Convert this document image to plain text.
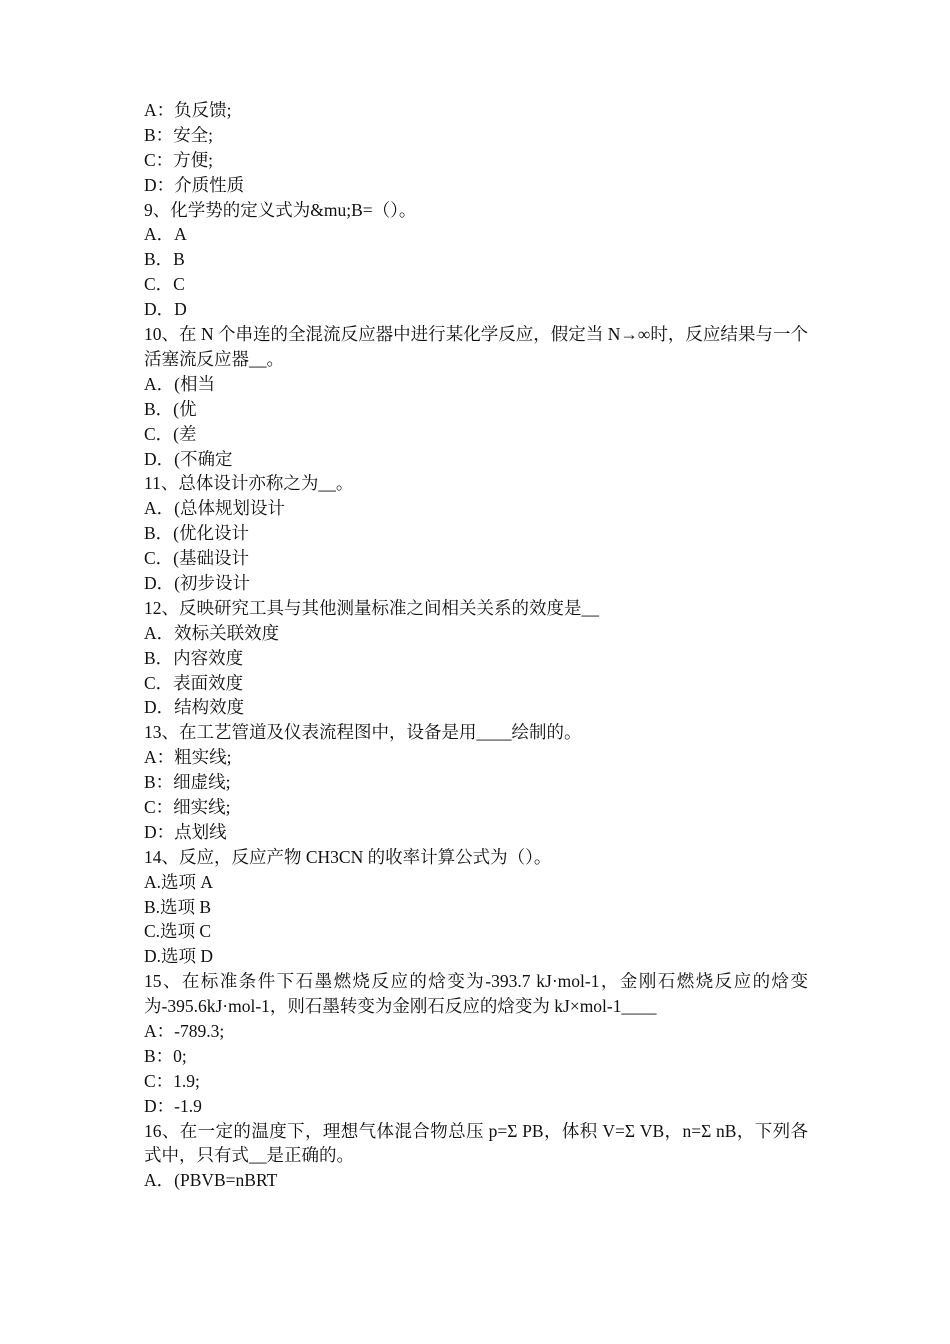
A：负反馈;
B：安全;
C：方便;
D：介质性质
9、化学势的定义式为&mu;B=（）。
A．A
B．B
C．C
D．D
10、在 N 个串连的全混流反应器中进行某化学反应，假定当 N→∞时，反应结果与一个活塞流反应器__。
A．(相当
B．(优
C．(差
D．(不确定
11、总体设计亦称之为__。
A．(总体规划设计
B．(优化设计
C．(基础设计
D．(初步设计
12、反映研究工具与其他测量标准之间相关关系的效度是__
A．效标关联效度
B．内容效度
C．表面效度
D．结构效度
13、在工艺管道及仪表流程图中，设备是用____绘制的。
A：粗实线;
B：细虚线;
C：细实线;
D：点划线
14、反应，反应产物 CH3CN 的收率计算公式为（）。
A.选项 A
B.选项 B
C.选项 C
D.选项 D
15、在标准条件下石墨燃烧反应的焓变为-393.7 kJ·mol-1，金刚石燃烧反应的焓变为-395.6kJ·mol-1，则石墨转变为金刚石反应的焓变为 kJ×mol-1____
A：-789.3;
B：0;
C：1.9;
D：-1.9
16、在一定的温度下，理想气体混合物总压 p=Σ PB，体积 V=Σ VB，n=Σ nB，下列各式中，只有式__是正确的。
A．(PBVB=nBRT
